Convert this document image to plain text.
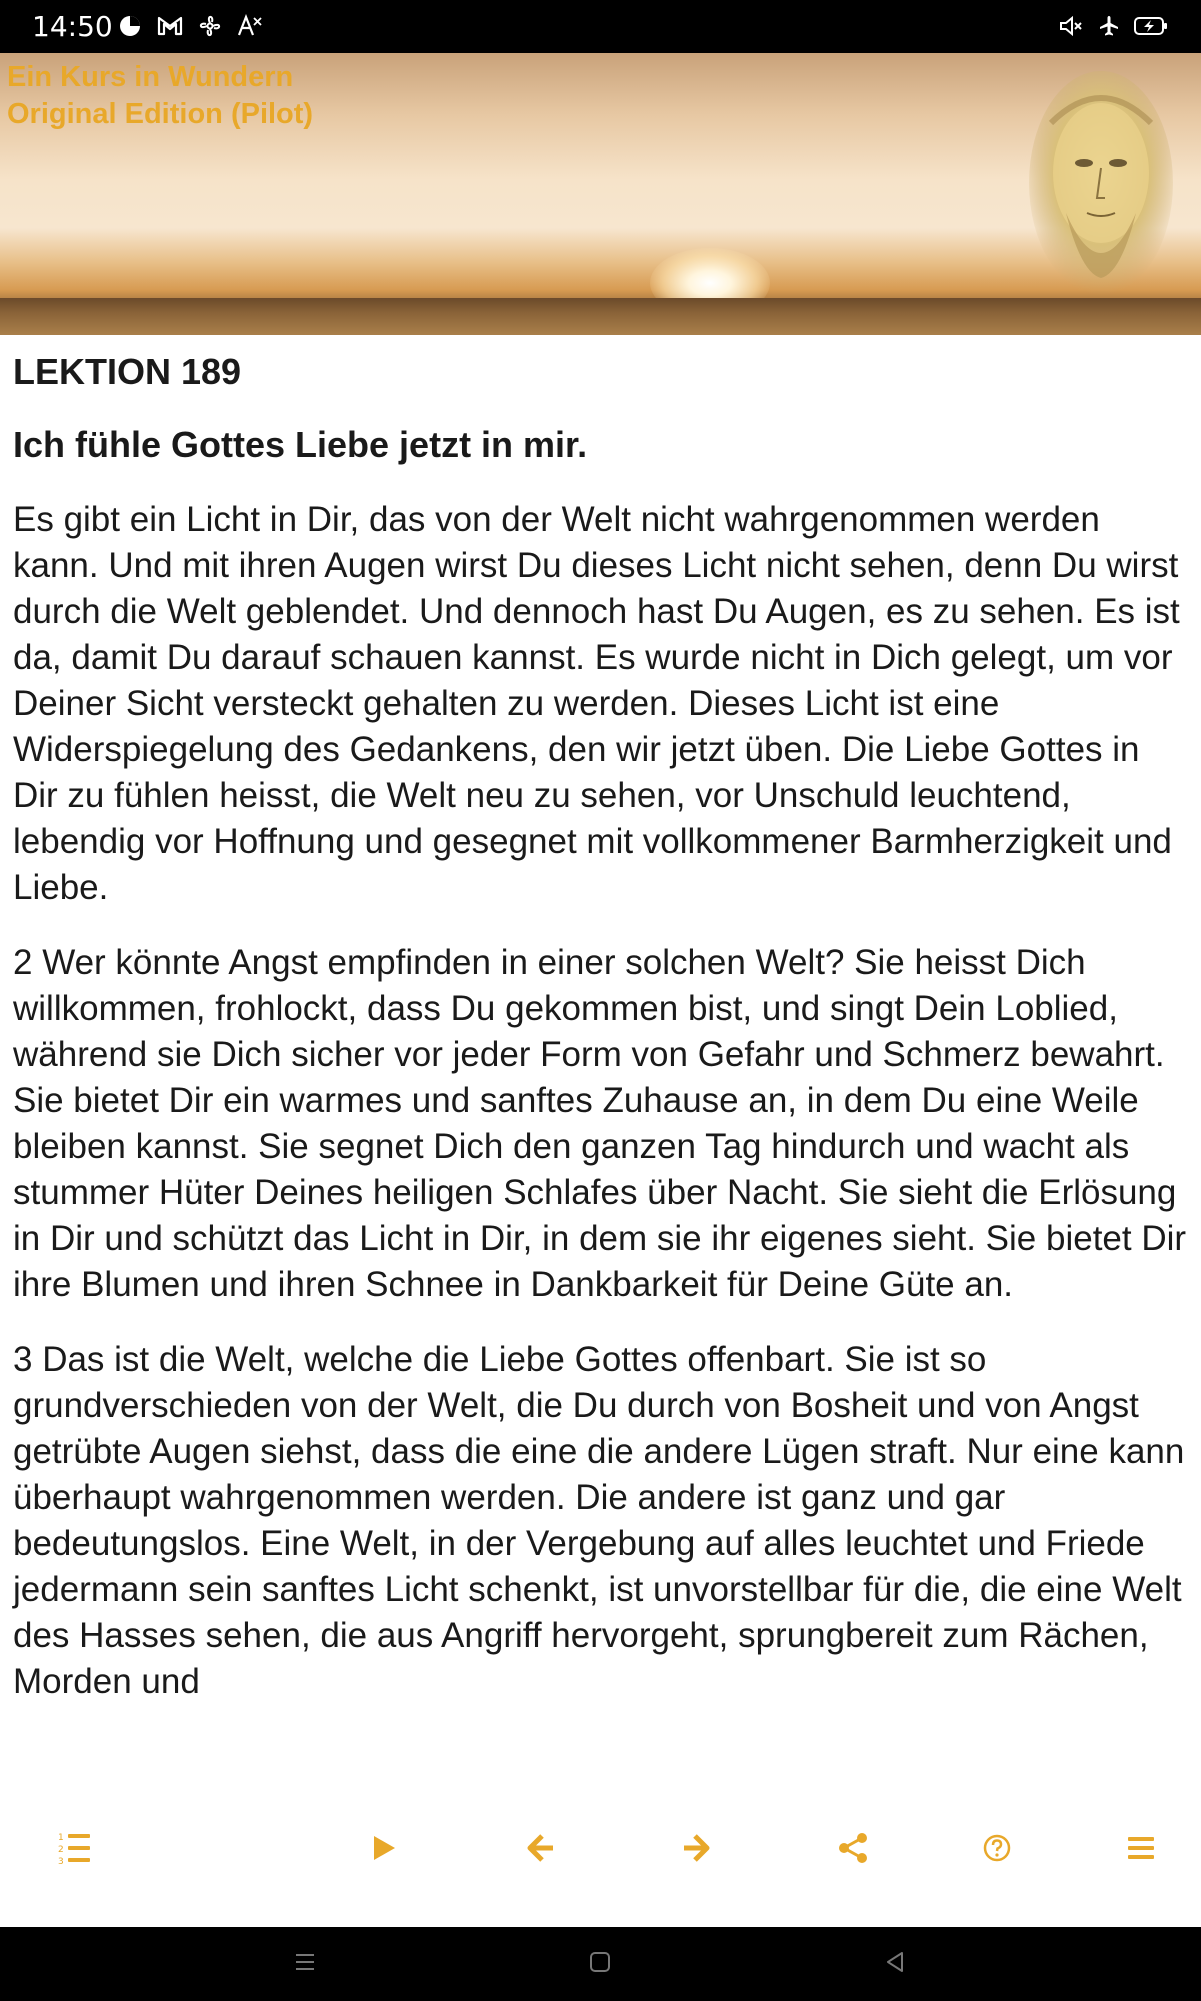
14:50
Ein Kurs in Wundern
Original Edition (Pilot)
LEKTION 189
Ich fühle Gottes Liebe jetzt in mir.

Es gibt ein Licht in Dir, das von der Welt nicht wahrgenommen werden kann. Und mit ihren Augen wirst Du dieses Licht nicht sehen, denn Du wirst durch die Welt geblendet. Und dennoch hast Du Augen, es zu sehen. Es ist da, damit Du darauf schauen kannst. Es wurde nicht in Dich gelegt, um vor Deiner Sicht versteckt gehalten zu werden. Dieses Licht ist eine Widerspiegelung des Gedankens, den wir jetzt üben. Die Liebe Gottes in Dir zu fühlen heisst, die Welt neu zu sehen, vor Unschuld leuchtend, lebendig vor Hoffnung und gesegnet mit vollkommener Barmherzigkeit und Liebe.

2 Wer könnte Angst empfinden in einer solchen Welt? Sie heisst Dich willkommen, frohlockt, dass Du gekommen bist, und singt Dein Loblied, während sie Dich sicher vor jeder Form von Gefahr und Schmerz bewahrt. Sie bietet Dir ein warmes und sanftes Zuhause an, in dem Du eine Weile bleiben kannst. Sie segnet Dich den ganzen Tag hindurch und wacht als stummer Hüter Deines heiligen Schlafes über Nacht. Sie sieht die Erlösung in Dir und schützt das Licht in Dir, in dem sie ihr eigenes sieht. Sie bietet Dir ihre Blumen und ihren Schnee in Dankbarkeit für Deine Güte an.

3 Das ist die Welt, welche die Liebe Gottes offenbart. Sie ist so grundverschieden von der Welt, die Du durch von Bosheit und von Angst getrübte Augen siehst, dass die eine die andere Lügen straft. Nur eine kann überhaupt wahrgenommen werden. Die andere ist ganz und gar bedeutungslos. Eine Welt, in der Vergebung auf alles leuchtet und Friede jedermann sein sanftes Licht schenkt, ist unvorstellbar für die, die eine Welt des Hasses sehen, die aus Angriff hervorgeht, sprungbereit zum Rächen, Morden und

1
2
3
